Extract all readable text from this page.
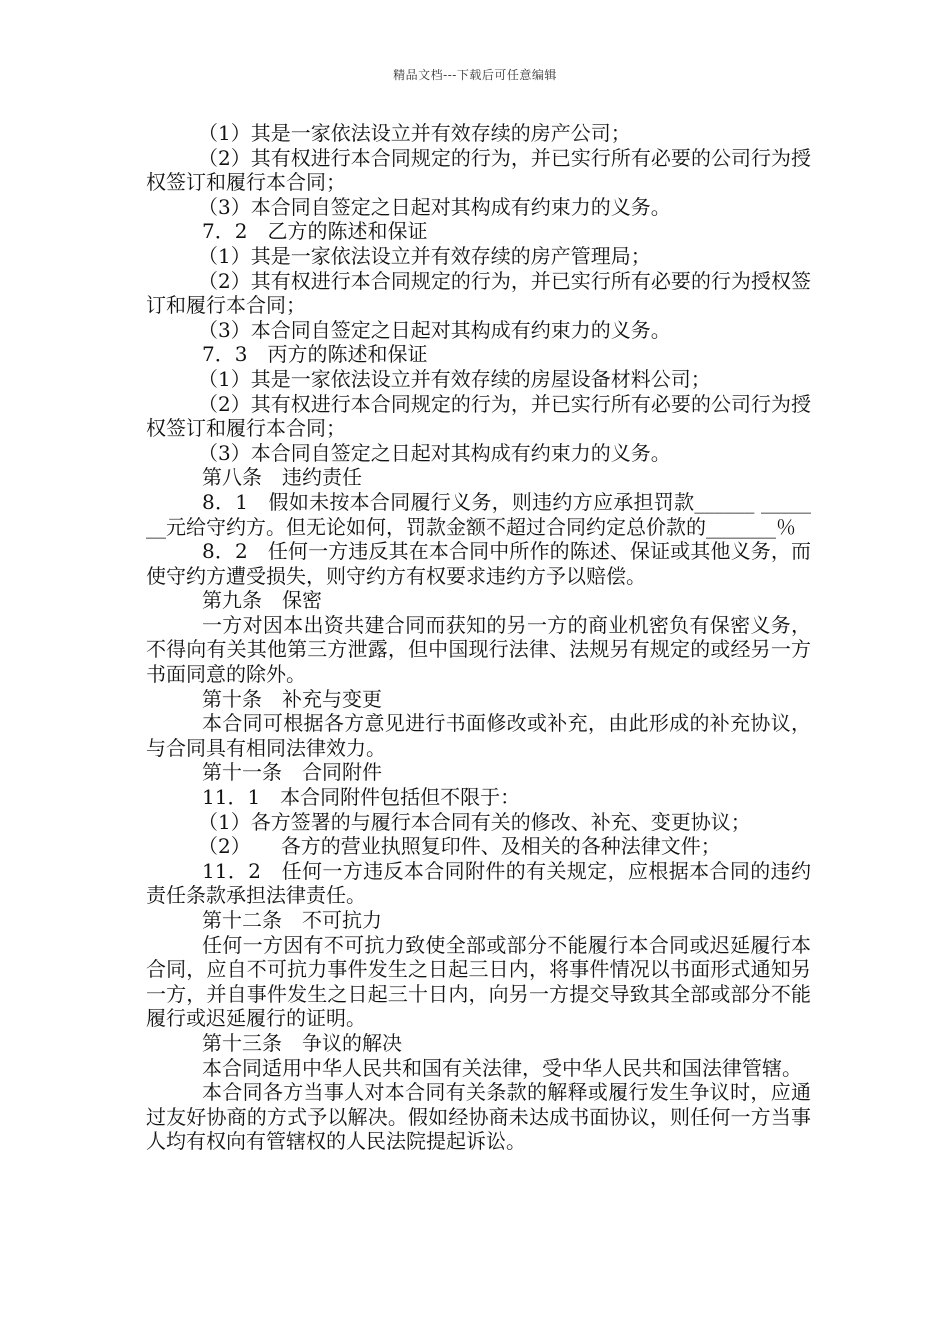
精品文档---下载后可任意编辑

（1）其是一家依法设立并有效存续的房产公司；

（2）其有权进行本合同规定的行为，并已实行所有必要的公司行为授权签订和履行本合同；

（3）本合同自签定之日起对其构成有约束力的义务。

7．2　乙方的陈述和保证

（1）其是一家依法设立并有效存续的房产管理局；

（2）其有权进行本合同规定的行为，并已实行所有必要的行为授权签订和履行本合同；

（3）本合同自签定之日起对其构成有约束力的义务。

7．3　丙方的陈述和保证

（1）其是一家依法设立并有效存续的房屋设备材料公司；

（2）其有权进行本合同规定的行为，并已实行所有必要的公司行为授权签订和履行本合同；

（3）本合同自签定之日起对其构成有约束力的义务。

第八条　违约责任

8．1　假如未按本合同履行义务，则违约方应承担罚款______ _______元给守约方。但无论如何，罚款金额不超过合同约定总价款的_______％

8．2　任何一方违反其在本合同中所作的陈述、保证或其他义务，而使守约方遭受损失，则守约方有权要求违约方予以赔偿。

第九条　保密

一方对因本出资共建合同而获知的另一方的商业机密负有保密义务，不得向有关其他第三方泄露，但中国现行法律、法规另有规定的或经另一方书面同意的除外。

第十条　补充与变更

本合同可根据各方意见进行书面修改或补充，由此形成的补充协议，与合同具有相同法律效力。

第十一条　合同附件

11．1　本合同附件包括但不限于：

（1）各方签署的与履行本合同有关的修改、补充、变更协议；

（2）　　各方的营业执照复印件、及相关的各种法律文件；

11．2　任何一方违反本合同附件的有关规定，应根据本合同的违约责任条款承担法律责任。

第十二条　不可抗力

任何一方因有不可抗力致使全部或部分不能履行本合同或迟延履行本合同，应自不可抗力事件发生之日起三日内，将事件情况以书面形式通知另一方，并自事件发生之日起三十日内，向另一方提交导致其全部或部分不能履行或迟延履行的证明。

第十三条　争议的解决

本合同适用中华人民共和国有关法律，受中华人民共和国法律管辖。

本合同各方当事人对本合同有关条款的解释或履行发生争议时，应通过友好协商的方式予以解决。假如经协商未达成书面协议，则任何一方当事人均有权向有管辖权的人民法院提起诉讼。
